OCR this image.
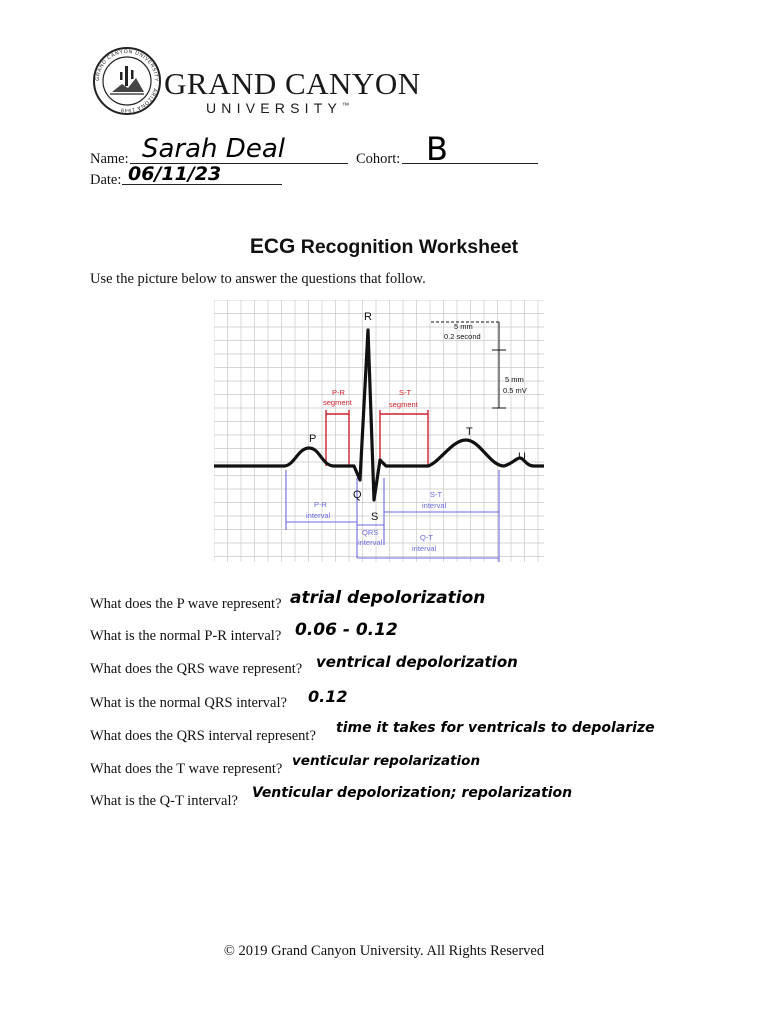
GRAND CANYON UNIVERSITY · ARIZONA 1949
GRAND CANYON
UNIVERSITY™
Name: Sarah Deal	Cohort: B
Date: 06/11/23
ECG Recognition Worksheet
Use the picture below to answer the questions that follow.
R
P
Q
S
T
U
5 mm
0.2 second
5 mm
0.5 mV
P-R
segment
S-T
segment
P-R
interval
QRS
interval
S-T
interval
Q-T
interval
What does the P wave represent? atrial depolorization
What is the normal P-R interval? 0.06 - 0.12
What does the QRS wave represent? ventrical depolorization
What is the normal QRS interval? 0.12
What does the QRS interval represent? time it takes for ventricals to depolarize
What does the T wave represent? venticular repolarization
What is the Q-T interval? Venticular depolorization; repolarization
© 2019 Grand Canyon University. All Rights Reserved
